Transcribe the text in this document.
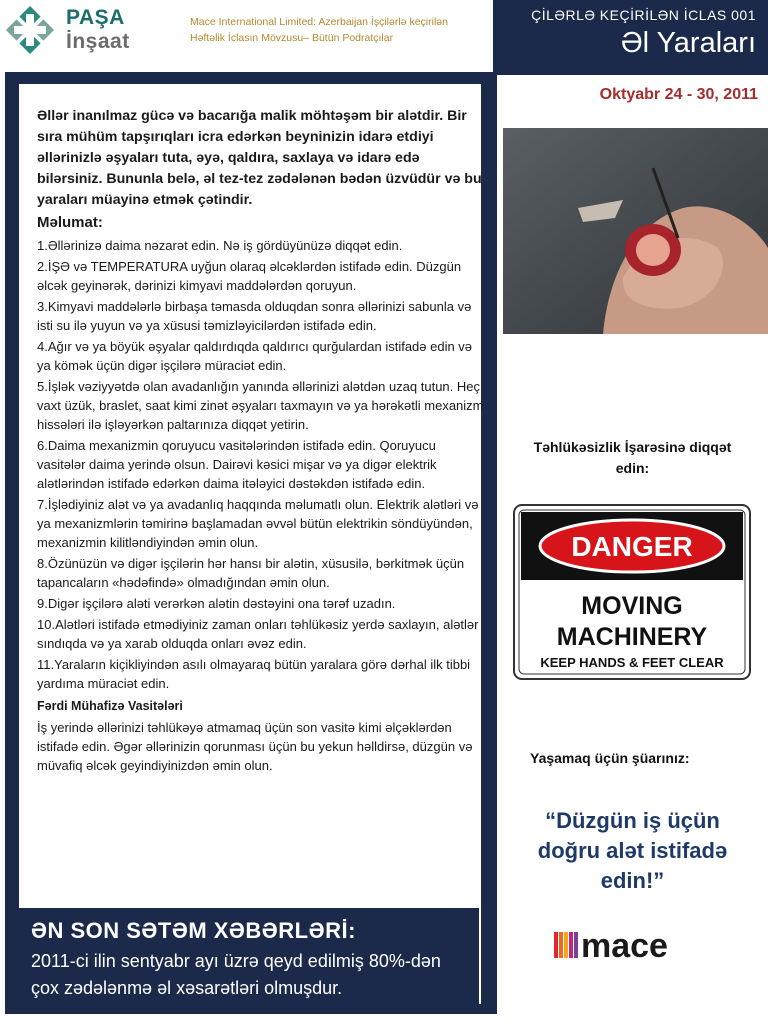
PAŞA
İnşaat
Mace International Limited: Azerbaijan İşçilərlə keçirilən Həftəlik İclasın Mövzusu– Bütün Podratçılar
ÇİLƏRLƏ KEÇİRİLƏN İCLAS 001
Əl Yaraları

Əllər inanılmaz gücə və bacarığa malik möhtəşəm bir alətdir. Bir sıra mühüm tapşırıqları icra edərkən beyninizin idarə etdiyi əllərinizlə əşyaları tuta, əyə, qaldıra, saxlaya və idarə edə bilərsiniz. Bununla belə, əl tez-tez zədələnən bədən üzvüdür və bu yaraları müayinə etmək çətindir.

Məlumat:
1.Əllərinizə daima nəzarət edin. Nə iş gördüyünüzə diqqət edin.
2.İŞƏ və TEMPERATURA uyğun olaraq əlcəklərdən istifadə edin. Düzgün əlcək geyinərək, dərinizi kimyavi maddələrdən qoruyun.
3.Kimyavi maddələrlə birbaşa təmasda olduqdan sonra əllərinizi sabunla və isti su ilə yuyun və ya xüsusi təmizləyicilərdən istifadə edin.
4.Ağır və ya böyük əşyalar qaldırdıqda qaldırıcı qurğulardan istifadə edin və ya kömək üçün digər işçilərə müraciət edin.
5.İşlək vəziyyətdə olan avadanlığın yanında əllərinizi alətdən uzaq tutun. Heç vaxt üzük, braslet, saat kimi zinət əşyaları taxmayın və ya hərəkətli mexanizm hissələri ilə işləyərkən paltarınıza diqqət yetirin.
6.Daima mexanizmin qoruyucu vasitələrindən istifadə edin. Qoruyucu vasitələr daima yerində olsun. Dairəvi kəsici mişar və ya digər elektrik alətlərindən istifadə edərkən daima itələyici dəstəkdən istifadə edin.
7.İşlədiyiniz alət və ya avadanlıq haqqında məlumatlı olun. Elektrik alətləri və ya mexanizmlərin təmirinə başlamadan əvvəl bütün elektrikin söndüyündən, mexanizmin kilitləndiyindən əmin olun.
8.Özünüzün və digər işçilərin hər hansı bir alətin, xüsusilə, bərkitmək üçün tapancaların «hədəfində» olmadığından əmin olun.
9.Digər işçilərə aləti verərkən alətin dəstəyini ona tərəf uzadın.
10.Alətləri istifadə etmədiyiniz zaman onları təhlükəsiz yerdə saxlayın, alətlər sındıqda və ya xarab olduqda onları əvəz edin.
11.Yaraların kiçikliyindən asılı olmayaraq bütün yaralara görə dərhal ilk tibbi yardıma müraciət edin.
Fərdi Mühafizə Vasitələri
İş yerində əllərinizi təhlükəyə atmamaq üçün son vasitə kimi əlçəklərdən istifadə edin. Əgər əllərinizin qorunması üçün bu yekun həlldirsə, düzgün və müvafiq əlcək geyindiyinizdən əmin olun.
ƏN SON SƏTƏM XƏBƏRLƏRİ:
2011-ci ilin sentyabr ayı üzrə qeyd edilmiş 80%-dən çox zədələnmə əl xəsarətləri olmuşdur.
Oktyabr 24 - 30, 2011
Təhlükəsizlik İşarəsinə diqqət edin:
DANGER
MOVING
MACHINERY
KEEP HANDS & FEET CLEAR
Yaşamaq üçün şüarınız:
“Düzgün iş üçün doğru alət istifadə edin!”
mace
